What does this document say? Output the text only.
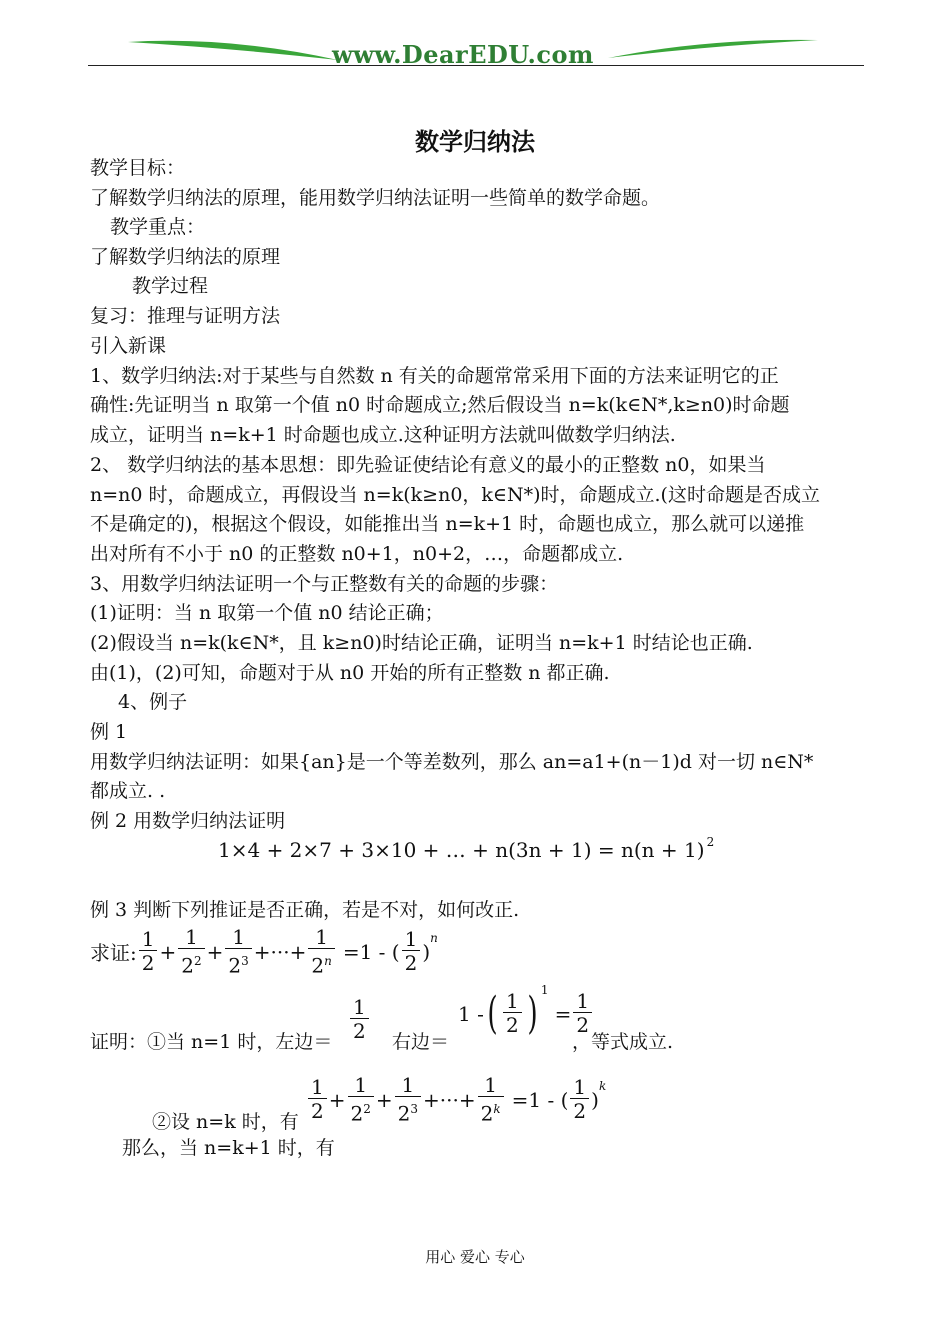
www.DearEDU.com
数学归纳法
教学目标：
了解数学归纳法的原理，能用数学归纳法证明一些简单的数学命题。
教学重点：
了解数学归纳法的原理
教学过程
复习：推理与证明方法
引入新课
1、数学归纳法:对于某些与自然数 n 有关的命题常常采用下面的方法来证明它的正
确性:先证明当 n 取第一个值 n0 时命题成立;然后假设当 n=k(k∈N*,k≥n0)时命题
成立，证明当 n=k+1 时命题也成立.这种证明方法就叫做数学归纳法.
2、 数学归纳法的基本思想：即先验证使结论有意义的最小的正整数 n0，如果当
n=n0 时，命题成立，再假设当 n=k(k≥n0，k∈N*)时，命题成立.(这时命题是否成立
不是确定的)，根据这个假设，如能推出当 n=k+1 时，命题也成立，那么就可以递推
出对所有不小于 n0 的正整数 n0+1，n0+2，…，命题都成立.
3、用数学归纳法证明一个与正整数有关的命题的步骤：
(1)证明：当 n 取第一个值 n0 结论正确；
(2)假设当 n=k(k∈N*，且 k≥n0)时结论正确，证明当 n=k+1 时结论也正确.
由(1)，(2)可知，命题对于从 n0 开始的所有正整数 n 都正确.
4、例子
例 1
用数学归纳法证明：如果{an}是一个等差数列，那么 an=a1+(n－1)d 对一切 n∈N*
都成立. .
例 2 用数学归纳法证明
1×4 + 2×7 + 3×10 + … + $n(3n + 1) = n(n + 1)^2$
例 3 判断下列推证是否正确，若是不对，如何改正.
求证: $\frac{1}{2} + \frac{1}{2^2} + \frac{1}{2^3}$ +···+ $\frac{1}{2^n} =1$ - ( $\frac{1}{2}$ )
$^n$
证明：①当 n=1 时，左边＝ $\frac{1}{2}$ 右边＝
1 - ( $\frac{1}{2}$ ) $^1$
= $\frac{1}{2}$
，等式成立.
②设 n=k 时，有 $\frac{1}{2} + \frac{1}{2^2} + \frac{1}{2^3}$ +···+ $\frac{1}{2^k} =1$ - ( $\frac{1}{2}$ )
$^k$
那么，当 n=k+1 时，有
用心 爱心 专心
